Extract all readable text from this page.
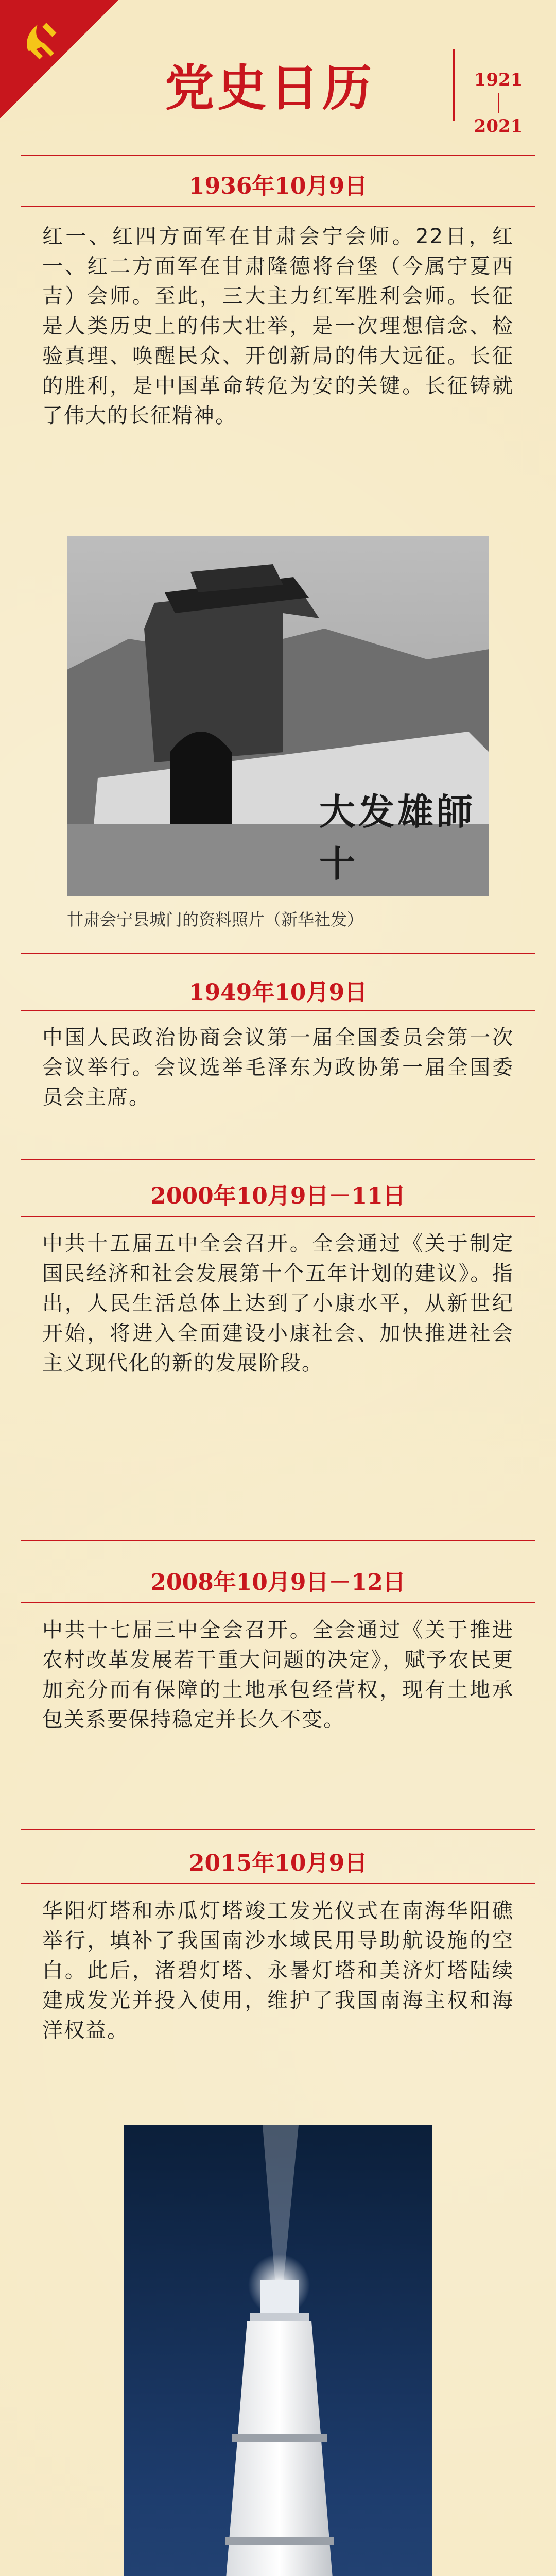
党史日历	1921
2021
1936年10月9日
红一、红四方面军在甘肃会宁会师。22日，红一、红二方面军在甘肃隆德将台堡（今属宁夏西吉）会师。至此，三大主力红军胜利会师。长征是人类历史上的伟大壮举，是一次理想信念、检验真理、唤醒民众、开创新局的伟大远征。长征的胜利，是中国革命转危为安的关键。长征铸就了伟大的长征精神。
大发雄師十
甘肃会宁县城门的资料照片（新华社发）
1949年10月9日
中国人民政治协商会议第一届全国委员会第一次会议举行。会议选举毛泽东为政协第一届全国委员会主席。
2000年10月9日－11日
中共十五届五中全会召开。全会通过《关于制定国民经济和社会发展第十个五年计划的建议》。指出，人民生活总体上达到了小康水平，从新世纪开始，将进入全面建设小康社会、加快推进社会主义现代化的新的发展阶段。
2008年10月9日－12日
中共十七届三中全会召开。全会通过《关于推进农村改革发展若干重大问题的决定》，赋予农民更加充分而有保障的土地承包经营权，现有土地承包关系要保持稳定并长久不变。
2015年10月9日
华阳灯塔和赤瓜灯塔竣工发光仪式在南海华阳礁举行，填补了我国南沙水域民用导助航设施的空白。此后，渚碧灯塔、永暑灯塔和美济灯塔陆续建成发光并投入使用，维护了我国南海主权和海洋权益。
